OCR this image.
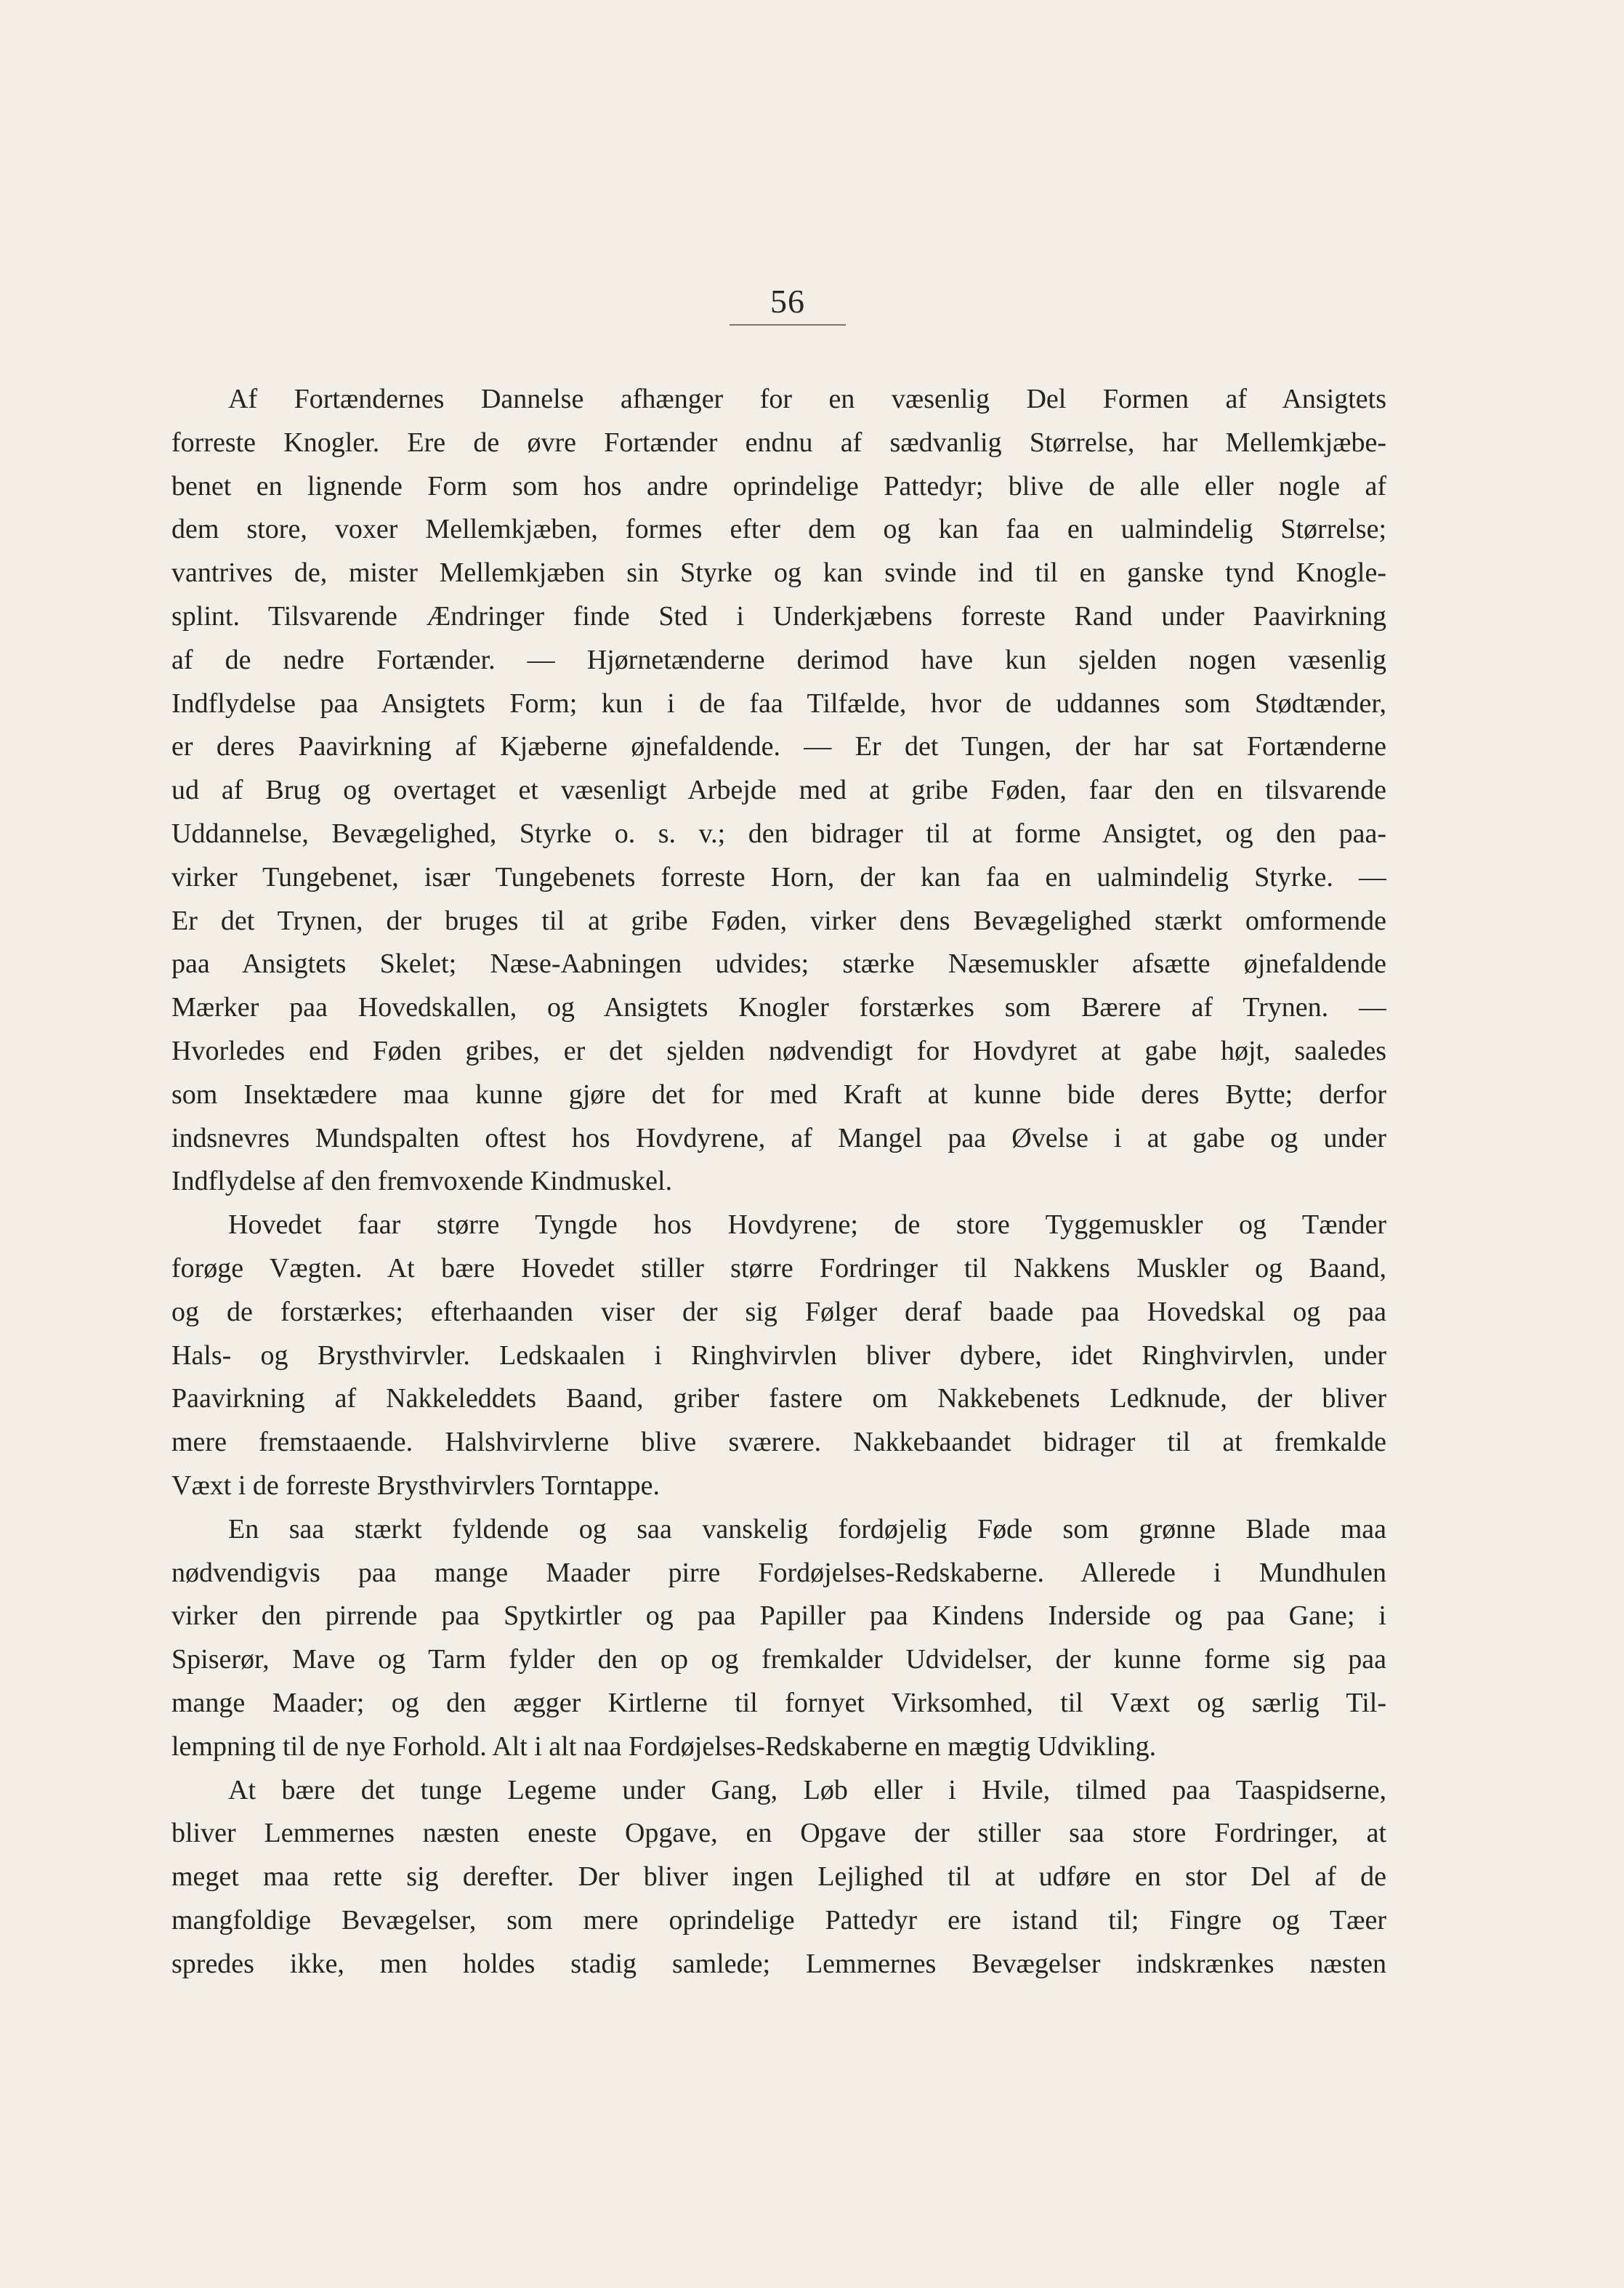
56

Af Fortændernes Dannelse afhænger for en væsenlig Del Formen af Ansigtets
forreste Knogler. Ere de øvre Fortænder endnu af sædvanlig Størrelse, har Mellemkjæbe-
benet en lignende Form som hos andre oprindelige Pattedyr; blive de alle eller nogle af
dem store, voxer Mellemkjæben, formes efter dem og kan faa en ualmindelig Størrelse;
vantrives de, mister Mellemkjæben sin Styrke og kan svinde ind til en ganske tynd Knogle-
splint. Tilsvarende Ændringer finde Sted i Underkjæbens forreste Rand under Paavirkning
af de nedre Fortænder. — Hjørnetænderne derimod have kun sjelden nogen væsenlig
Indflydelse paa Ansigtets Form; kun i de faa Tilfælde, hvor de uddannes som Stødtænder,
er deres Paavirkning af Kjæberne øjnefaldende. — Er det Tungen, der har sat Fortænderne
ud af Brug og overtaget et væsenligt Arbejde med at gribe Føden, faar den en tilsvarende
Uddannelse, Bevægelighed, Styrke o. s. v.; den bidrager til at forme Ansigtet, og den paa-
virker Tungebenet, især Tungebenets forreste Horn, der kan faa en ualmindelig Styrke. —
Er det Trynen, der bruges til at gribe Føden, virker dens Bevægelighed stærkt omformende
paa Ansigtets Skelet; Næse-Aabningen udvides; stærke Næsemuskler afsætte øjnefaldende
Mærker paa Hovedskallen, og Ansigtets Knogler forstærkes som Bærere af Trynen. —
Hvorledes end Føden gribes, er det sjelden nødvendigt for Hovdyret at gabe højt, saaledes
som Insektædere maa kunne gjøre det for med Kraft at kunne bide deres Bytte; derfor
indsnevres Mundspalten oftest hos Hovdyrene, af Mangel paa Øvelse i at gabe og under
Indflydelse af den fremvoxende Kindmuskel.

Hovedet faar større Tyngde hos Hovdyrene; de store Tyggemuskler og Tænder
forøge Vægten. At bære Hovedet stiller større Fordringer til Nakkens Muskler og Baand,
og de forstærkes; efterhaanden viser der sig Følger deraf baade paa Hovedskal og paa
Hals- og Brysthvirvler. Ledskaalen i Ringhvirvlen bliver dybere, idet Ringhvirvlen, under
Paavirkning af Nakkeleddets Baand, griber fastere om Nakkebenets Ledknude, der bliver
mere fremstaaende. Halshvirvlerne blive sværere. Nakkebaandet bidrager til at fremkalde
Væxt i de forreste Brysthvirvlers Torntappe.

En saa stærkt fyldende og saa vanskelig fordøjelig Føde som grønne Blade maa
nødvendigvis paa mange Maader pirre Fordøjelses-Redskaberne. Allerede i Mundhulen
virker den pirrende paa Spytkirtler og paa Papiller paa Kindens Inderside og paa Gane; i
Spiserør, Mave og Tarm fylder den op og fremkalder Udvidelser, der kunne forme sig paa
mange Maader; og den ægger Kirtlerne til fornyet Virksomhed, til Væxt og særlig Til-
lempning til de nye Forhold. Alt i alt naa Fordøjelses-Redskaberne en mægtig Udvikling.

At bære det tunge Legeme under Gang, Løb eller i Hvile, tilmed paa Taaspidserne,
bliver Lemmernes næsten eneste Opgave, en Opgave der stiller saa store Fordringer, at
meget maa rette sig derefter. Der bliver ingen Lejlighed til at udføre en stor Del af de
mangfoldige Bevægelser, som mere oprindelige Pattedyr ere istand til; Fingre og Tæer
spredes ikke, men holdes stadig samlede; Lemmernes Bevægelser indskrænkes næsten
